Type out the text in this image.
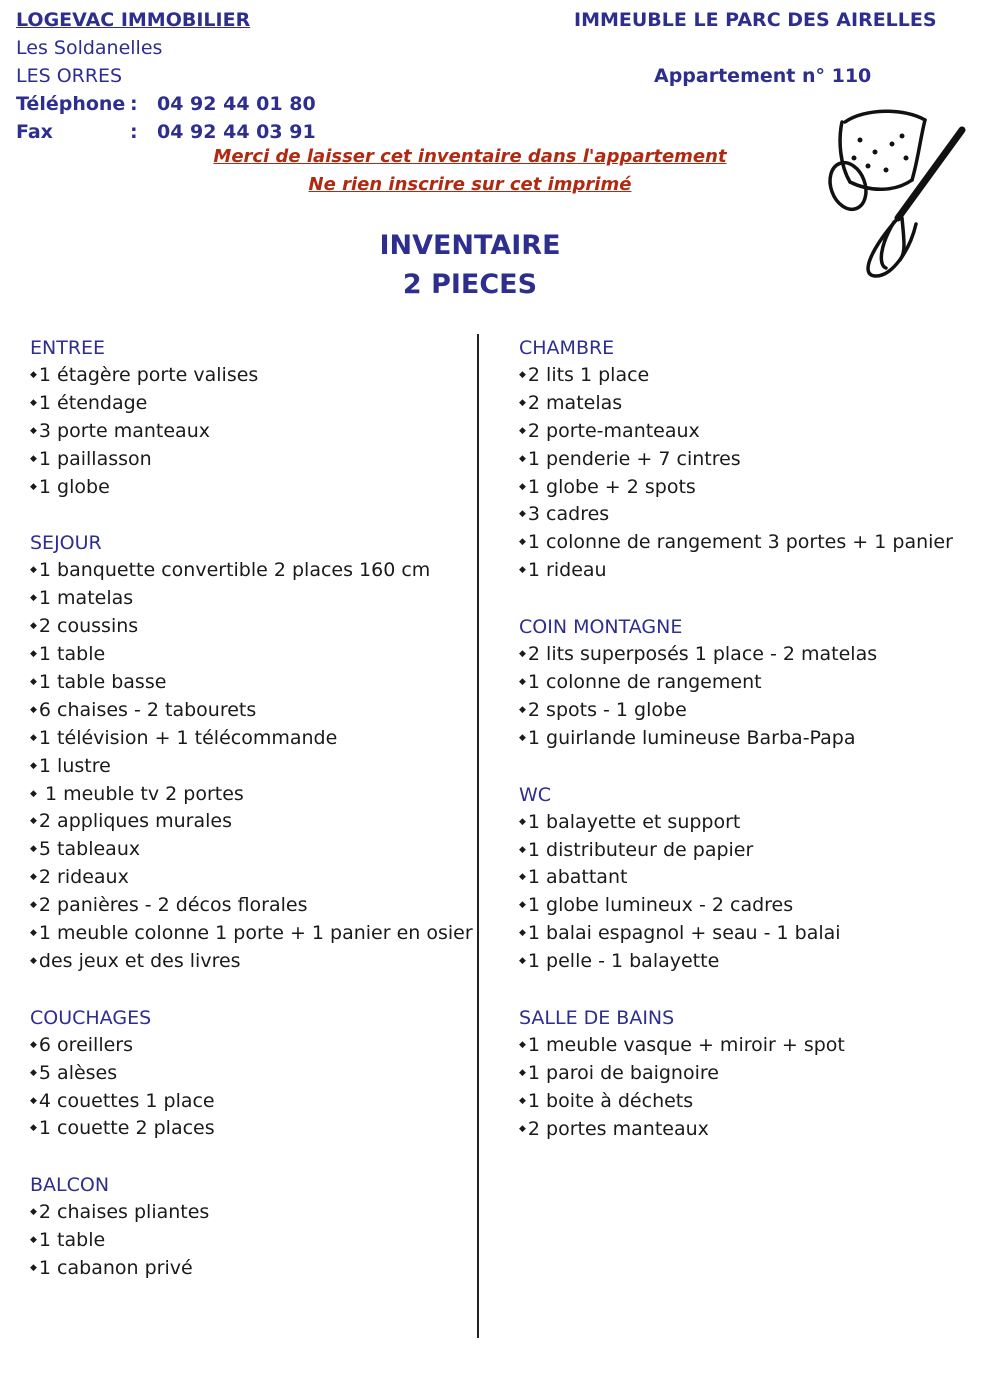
LOGEVAC IMMOBILIER
Les Soldanelles
LES ORRES
Téléphone : 04 92 44 01 80
Fax	: 04 92 44 03 91
IMMEUBLE LE PARC DES AIRELLES
Appartement n° 110
Merci de laisser cet inventaire dans l'appartement
Ne rien inscrire sur cet imprimé
INVENTAIRE
2 PIECES
ENTREE
◆ 1 étagère porte valises
◆ 1 étendage
◆ 3 porte manteaux
◆ 1 paillasson
◆ 1 globe
SEJOUR
◆ 1 banquette convertible 2 places 160 cm
◆ 1 matelas
◆ 2 coussins
◆ 1 table
◆ 1 table basse
◆ 6 chaises - 2 tabourets
◆ 1 télévision + 1 télécommande
◆ 1 lustre
◆ 1 meuble tv 2 portes
◆ 2 appliques murales
◆ 5 tableaux
◆ 2 rideaux
◆ 2 panières - 2 décos florales
◆ 1 meuble colonne 1 porte + 1 panier en osier
◆ des jeux et des livres
COUCHAGES
◆ 6 oreillers
◆ 5 alèses
◆ 4 couettes 1 place
◆ 1 couette 2 places
BALCON
◆ 2 chaises pliantes
◆ 1 table
◆ 1 cabanon privé
CHAMBRE
◆ 2 lits 1 place
◆ 2 matelas
◆ 2 porte-manteaux
◆ 1 penderie + 7 cintres
◆ 1 globe + 2 spots
◆ 3 cadres
◆ 1 colonne de rangement 3 portes + 1 panier
◆ 1 rideau
COIN MONTAGNE
◆ 2 lits superposés 1 place - 2 matelas
◆ 1 colonne de rangement
◆ 2 spots - 1 globe
◆ 1 guirlande lumineuse Barba-Papa
WC
◆ 1 balayette et support
◆ 1 distributeur de papier
◆ 1 abattant
◆ 1 globe lumineux - 2 cadres
◆ 1 balai espagnol + seau - 1 balai
◆ 1 pelle - 1 balayette
SALLE DE BAINS
◆ 1 meuble vasque + miroir + spot
◆ 1 paroi de baignoire
◆ 1 boite à déchets
◆ 2 portes manteaux
